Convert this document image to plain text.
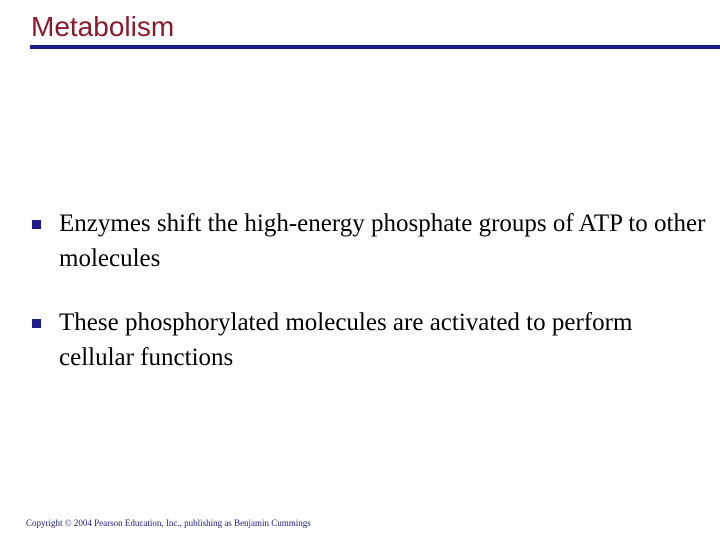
Metabolism
Enzymes shift the high-energy phosphate groups of ATP to other molecules
These phosphorylated molecules are activated to perform cellular functions
Copyright © 2004 Pearson Education, Inc., publishing as Benjamin Cummings
